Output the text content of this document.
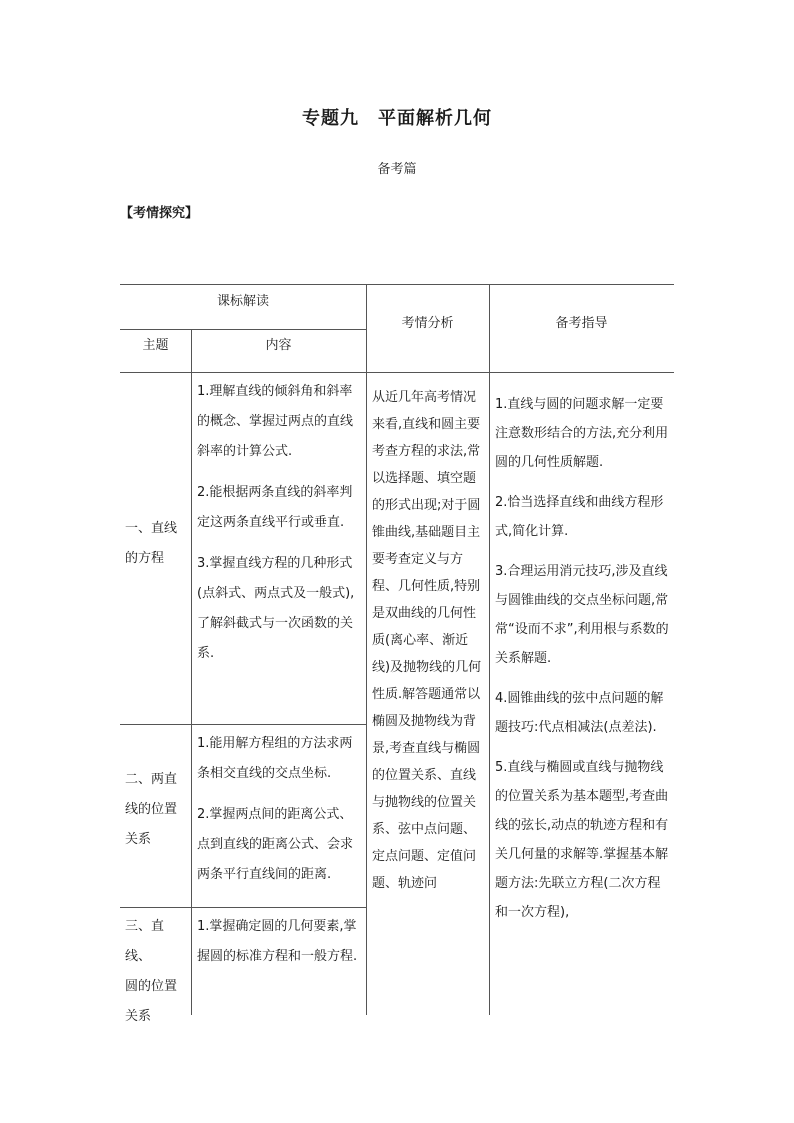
专题九　平面解析几何
备考篇
【考情探究】
课标解读
主题	内容
考情分析	备考指导
一、直线
的方程

1.理解直线的倾斜角和斜率的概念、掌握过两点的直线斜率的计算公式.

2.能根据两条直线的斜率判定这两条直线平行或垂直.

3.掌握直线方程的几种形式(点斜式、两点式及一般式),了解斜截式与一次函数的关系.

二、两直
线的位置
关系

1.能用解方程组的方法求两条相交直线的交点坐标.

2.掌握两点间的距离公式、点到直线的距离公式、会求两条平行直线间的距离.

三、直线、
圆的位置
关系

1.掌握确定圆的几何要素,掌握圆的标准方程和一般方程.

从近几年高考情况来看,直线和圆主要考查方程的求法,常以选择题、填空题的形式出现;对于圆锥曲线,基础题目主要考查定义与方程、几何性质,特别是双曲线的几何性质(离心率、渐近线)及抛物线的几何性质.解答题通常以椭圆及抛物线为背景,考查直线与椭圆的位置关系、直线与抛物线的位置关系、弦中点问题、定点问题、定值问题、轨迹问

1.直线与圆的问题求解一定要注意数形结合的方法,充分利用圆的几何性质解题.

2.恰当选择直线和曲线方程形式,简化计算.

3.合理运用消元技巧,涉及直线与圆锥曲线的交点坐标问题,常常“设而不求”,利用根与系数的关系解题.

4.圆锥曲线的弦中点问题的解题技巧:代点相减法(点差法).

5.直线与椭圆或直线与抛物线的位置关系为基本题型,考查曲线的弦长,动点的轨迹方程和有关几何量的求解等.掌握基本解题方法:先联立方程(二次方程和一次方程),
